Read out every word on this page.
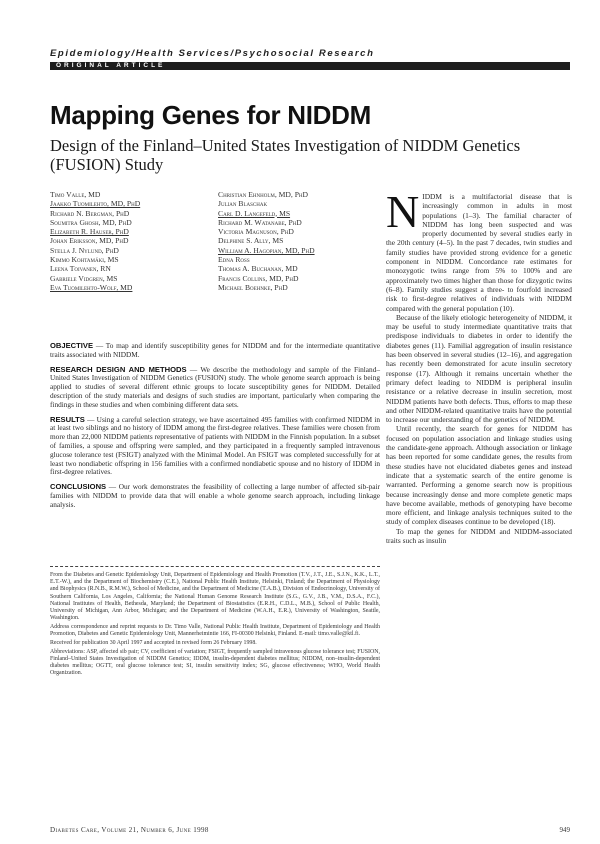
Epidemiology/Health Services/Psychosocial Research
ORIGINAL ARTICLE
Mapping Genes for NIDDM
Design of the Finland–United States Investigation of NIDDM Genetics (FUSION) Study
Timo Valle, MD
Jaakko Tuomilehto, MD, PhD
Richard N. Bergman, PhD
Soumitra Ghosh, MD, PhD
Elizabeth R. Hauser, PhD
Johan Eriksson, MD, PhD
Stella J. Nylund, PhD
Kimmo Kohtamäki, MS
Leena Toivanen, RN
Gabriele Vidgren, MS
Eva Tuomilehto-Wolf, MD
Christian Ehnholm, MD, PhD
Julian Blaschak
Carl D. Langefeld, MS
Richard M. Watanabe, PhD
Victoria Magnuson, PhD
Delphine S. Ally, MS
William A. Hagopian, MD, PhD
Edna Ross
Thomas A. Buchanan, MD
Francis Collins, MD, PhD
Michael Boehnke, PhD

OBJECTIVE — To map and identify susceptibility genes for NIDDM and for the intermediate quantitative traits associated with NIDDM.

RESEARCH DESIGN AND METHODS — We describe the methodology and sample of the Finland–United States Investigation of NIDDM Genetics (FUSION) study. The whole genome search approach is being applied to studies of several different ethnic groups to locate susceptibility genes for NIDDM. Detailed description of the study materials and designs of such studies are important, particularly when comparing the findings in these studies and when combining different data sets.

RESULTS — Using a careful selection strategy, we have ascertained 495 families with confirmed NIDDM in at least two siblings and no history of IDDM among the first-degree relatives. These families were chosen from more than 22,000 NIDDM patients representative of patients with NIDDM in the Finnish population. In a subset of families, a spouse and offspring were sampled, and they participated in a frequently sampled intravenous glucose tolerance test (FSIGT) analyzed with the Minimal Model. An FSIGT was completed successfully for at least two nondiabetic offspring in 156 families with a confirmed nondiabetic spouse and no history of IDDM in first-degree relatives.

CONCLUSIONS — Our work demonstrates the feasibility of collecting a large number of affected sib-pair families with NIDDM to provide data that will enable a whole genome search approach, including linkage analysis.

From the Diabetes and Genetic Epidemiology Unit, Department of Epidemiology and Health Promotion (T.V., J.T., J.E., S.J.N., K.K., L.T., E.T.-W.), and the Department of Biochemistry (C.E.), National Public Health Institute, Helsinki, Finland; the Department of Physiology and Biophysics (R.N.B., R.M.W.), School of Medicine, and the Department of Medicine (T.A.B.), Division of Endocrinology, University of Southern California, Los Angeles, California; the National Human Genome Research Institute (S.G., G.V., J.B., V.M., D.S.A., F.C.), National Institutes of Health, Bethesda, Maryland; the Department of Biostatistics (E.R.H., C.D.L., M.B.), School of Public Health, University of Michigan, Ann Arbor, Michigan; and the Department of Medicine (W.A.H., E.R.), University of Washington, Seattle, Washington.

Address correspondence and reprint requests to Dr. Timo Valle, National Public Health Institute, Department of Epidemiology and Health Promotion, Diabetes and Genetic Epidemiology Unit, Mannerheimintie 166, FI-00300 Helsinki, Finland. E-mail: timo.valle@ktl.fi.

Received for publication 30 April 1997 and accepted in revised form 26 February 1998.

Abbreviations: ASP, affected sib pair; CV, coefficient of variation; FSIGT, frequently sampled intravenous glucose tolerance test; FUSION, Finland–United States Investigation of NIDDM Genetics; IDDM, insulin-dependent diabetes mellitus; NIDDM, non–insulin-dependent diabetes mellitus; OGTT, oral glucose tolerance test; SI, insulin sensitivity index; SG, glucose effectiveness; WHO, World Health Organization.

NIDDM is a multifactorial disease that is increasingly common in adults in most populations (1–3). The familial character of NIDDM has long been suspected and was properly documented by several studies early in the 20th century (4–5). In the past 7 decades, twin studies and family studies have provided strong evidence for a genetic component in NIDDM. Concordance rate estimates for monozygotic twins range from 5% to 100% and are approximately two times higher than those for dizygotic twins (6–8). Family studies suggest a three- to fourfold increased risk to first-degree relatives of individuals with NIDDM compared with the general population (10).

Because of the likely etiologic heterogeneity of NIDDM, it may be useful to study intermediate quantitative traits that predispose individuals to diabetes in order to identify the diabetes genes (11). Familial aggregation of insulin resistance has been observed in several studies (12–16), and aggregation has recently been demonstrated for acute insulin secretory response (17). Although it remains uncertain whether the primary defect leading to NIDDM is peripheral insulin resistance or a relative decrease in insulin secretion, most NIDDM patients have both defects. Thus, efforts to map these and other NIDDM-related quantitative traits have the potential to increase our understanding of the genetics of NIDDM.

Until recently, the search for genes for NIDDM has focused on population association and linkage studies using the candidate-gene approach. Although association or linkage has been reported for some candidate genes, the results from these studies have not elucidated diabetes genes and instead indicate that a systematic search of the entire genome is warranted. Performing a genome search now is propitious because increasingly dense and more complete genetic maps have become available, methods of genotyping have become more efficient, and linkage analysis techniques suited to the study of complex diseases continue to be developed (18).

To map the genes for NIDDM and NIDDM-associated traits such as insulin

Diabetes Care, Volume 21, Number 6, June 1998	949
